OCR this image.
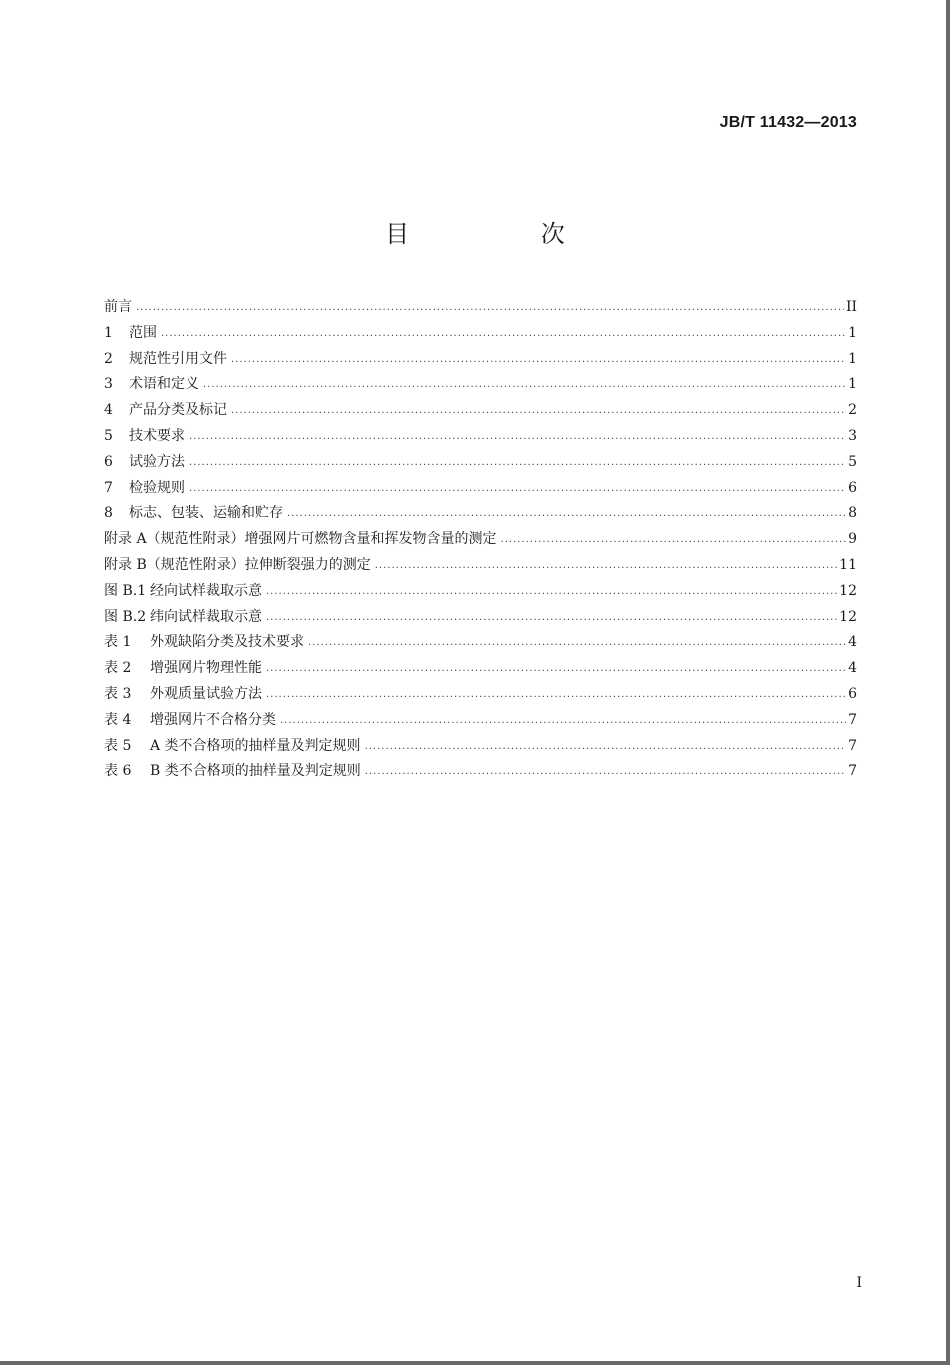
JB/T 11432—2013
目 次
前言 .....	II
1 范围 .....	1
2 规范性引用文件 .....	1
3 术语和定义 .....	1
4 产品分类及标记 .....	2
5 技术要求 .....	3
6 试验方法 .....	5
7 检验规则 .....	6
8 标志、包装、运输和贮存 .....	8
附录 A（规范性附录）增强网片可燃物含量和挥发物含量的测定 .....	9
附录 B（规范性附录）拉伸断裂强力的测定 .....	11
图 B.1 经向试样裁取示意 .....	12
图 B.2 纬向试样裁取示意 .....	12
表 1 外观缺陷分类及技术要求 .....	4
表 2 增强网片物理性能 .....	4
表 3 外观质量试验方法 .....	6
表 4 增强网片不合格分类 .....	7
表 5 A 类不合格项的抽样量及判定规则 .....	7
表 6 B 类不合格项的抽样量及判定规则 .....	7
I
